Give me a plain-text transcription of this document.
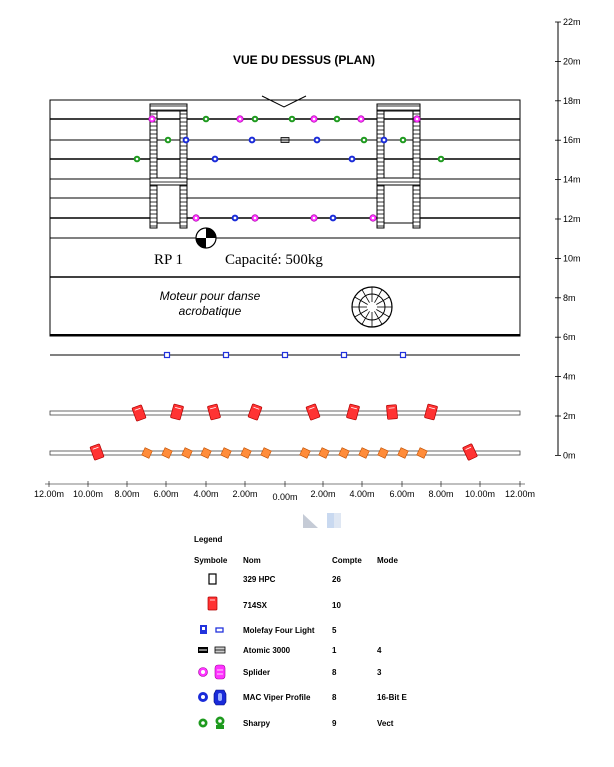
VUE DU DESSUS (PLAN)
RP 1	Capacité: 500kg
Moteur pour danse
acrobatique
22m
20m
18m
16m
14m
12m
10m
8m
6m
4m
2m
0m
12.00m 10.00m 8.00m 6.00m 4.00m 2.00m 0.00m 2.00m 4.00m 6.00m 8.00m 10.00m 12.00m
Legend
Symbole Nom	Compte Mode
329 HPC	26
714SX	10
Molefay Four Light 5
Atomic 3000	1	4
Splider	8	3
MAC Viper Profile	8	16-Bit E
Sharpy	9	Vect
